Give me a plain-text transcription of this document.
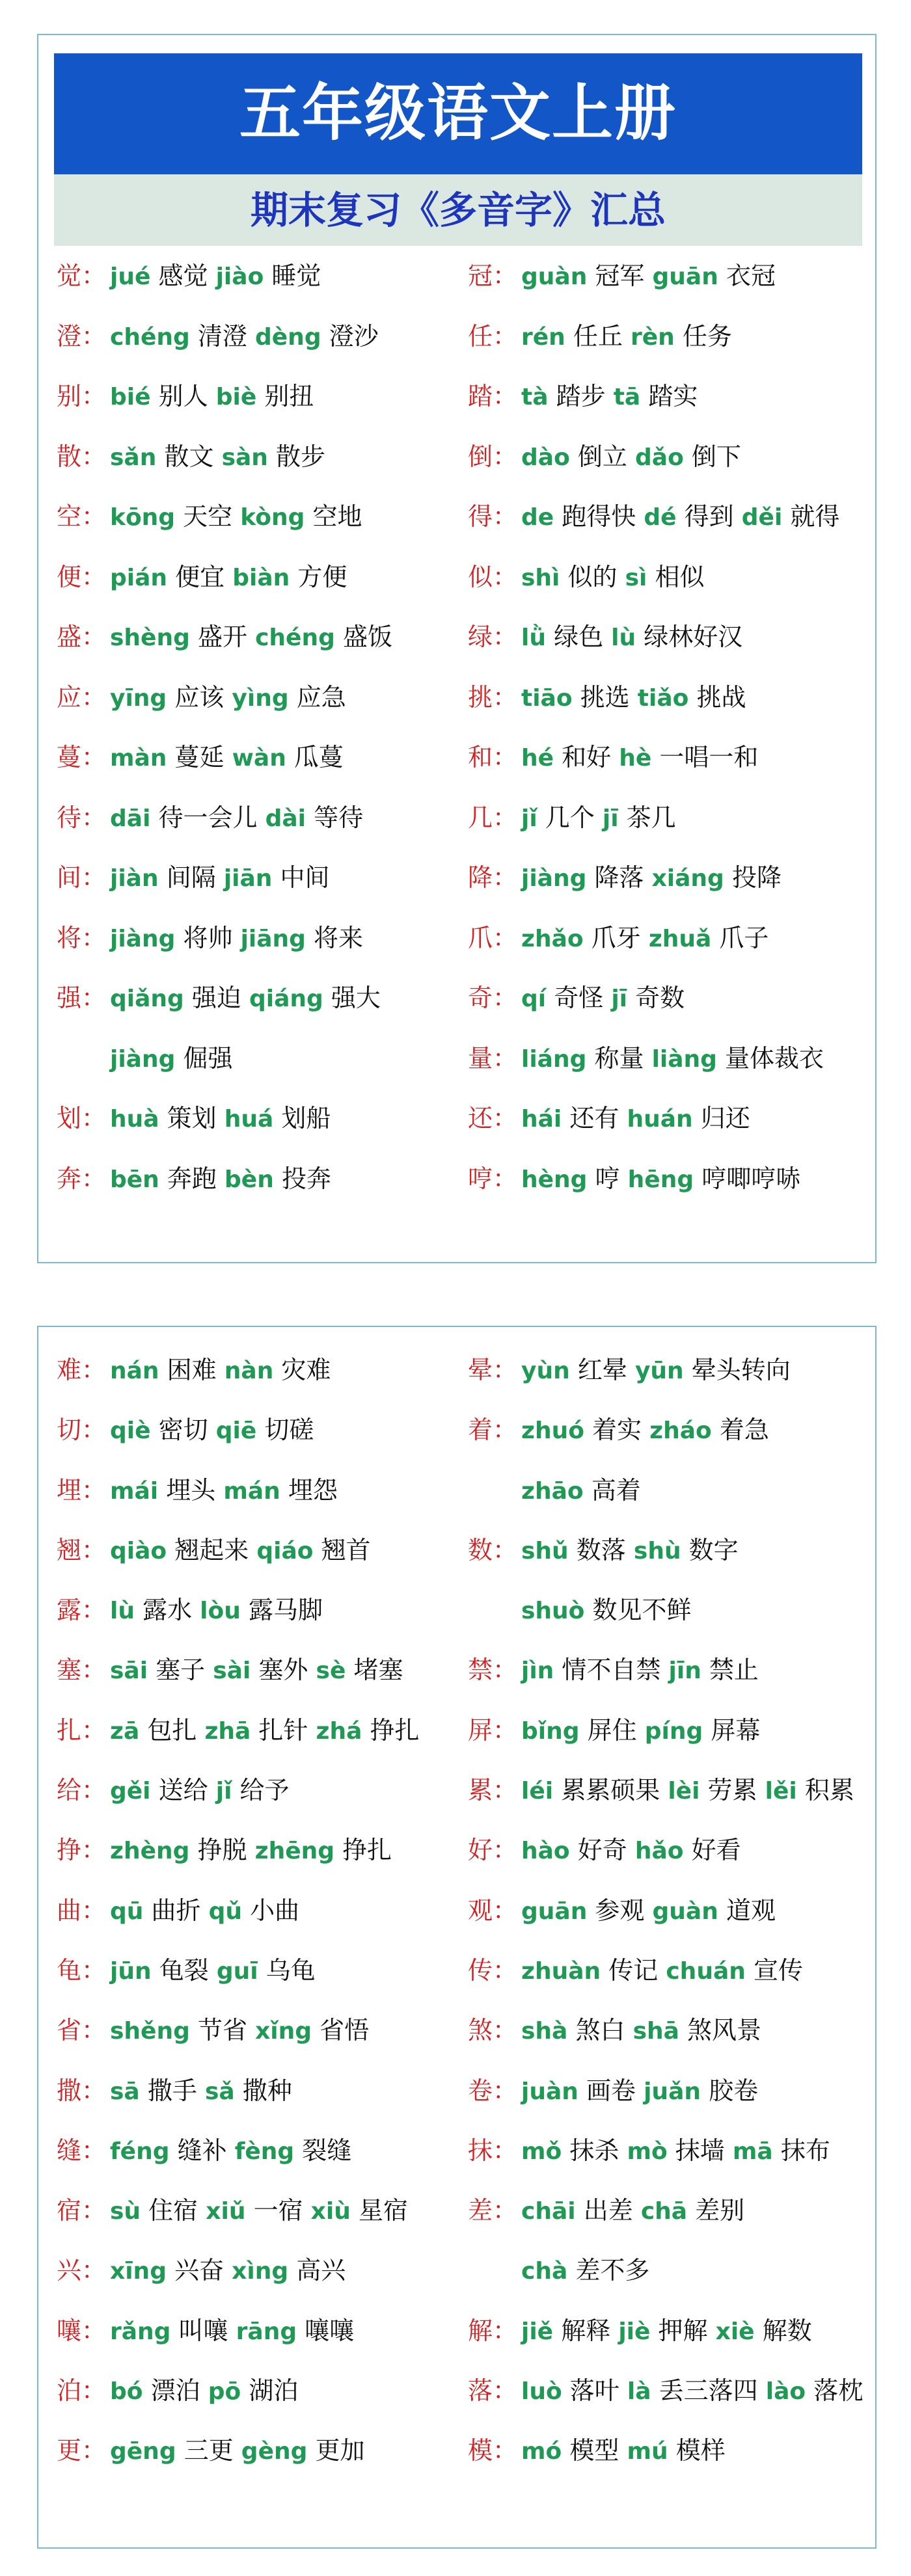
五年级语文上册
期末复习《多音字》汇总
觉： jué 感觉 jiào 睡觉
澄： chéng 清澄 dèng 澄沙
别： bié 别人 biè 别扭
散： sǎn 散文 sàn 散步
空： kōng 天空 kòng 空地
便： pián 便宜 biàn 方便
盛： shèng 盛开 chéng 盛饭
应： yīng 应该 yìng 应急
蔓： màn 蔓延 wàn 瓜蔓
待： dāi 待一会儿 dài 等待
间： jiàn 间隔 jiān 中间
将： jiàng 将帅 jiāng 将来
强： qiǎng 强迫 qiáng 强大
jiàng 倔强
划： huà 策划 huá 划船
奔： bēn 奔跑 bèn 投奔
冠： guàn 冠军 guān 衣冠
任： rén 任丘 rèn 任务
踏： tà 踏步 tā 踏实
倒： dào 倒立 dǎo 倒下
得： de 跑得快 dé 得到 děi 就得
似： shì 似的 sì 相似
绿： lǜ 绿色 lù 绿林好汉
挑： tiāo 挑选 tiǎo 挑战
和： hé 和好 hè 一唱一和
几： jǐ 几个 jī 茶几
降： jiàng 降落 xiáng 投降
爪： zhǎo 爪牙 zhuǎ 爪子
奇： qí 奇怪 jī 奇数
量： liáng 称量 liàng 量体裁衣
还： hái 还有 huán 归还
哼： hèng 哼 hēng 哼唧哼哧
难： nán 困难 nàn 灾难
切： qiè 密切 qiē 切磋
埋： mái 埋头 mán 埋怨
翘： qiào 翘起来 qiáo 翘首
露： lù 露水 lòu 露马脚
塞： sāi 塞子 sài 塞外 sè 堵塞
扎： zā 包扎 zhā 扎针 zhá 挣扎
给： gěi 送给 jǐ 给予
挣： zhèng 挣脱 zhēng 挣扎
曲： qū 曲折 qǔ 小曲
龟： jūn 龟裂 guī 乌龟
省： shěng 节省 xǐng 省悟
撒： sā 撒手 sǎ 撒种
缝： féng 缝补 fèng 裂缝
宿： sù 住宿 xiǔ 一宿 xiù 星宿
兴： xīng 兴奋 xìng 高兴
嚷： rǎng 叫嚷 rāng 嚷嚷
泊： bó 漂泊 pō 湖泊
更： gēng 三更 gèng 更加
晕： yùn 红晕 yūn 晕头转向
着： zhuó 着实 zháo 着急
zhāo 高着
数： shǔ 数落 shù 数字
shuò 数见不鲜
禁： jìn 情不自禁 jīn 禁止
屏： bǐng 屏住 píng 屏幕
累： léi 累累硕果 lèi 劳累 lěi 积累
好： hào 好奇 hǎo 好看
观： guān 参观 guàn 道观
传： zhuàn 传记 chuán 宣传
煞： shà 煞白 shā 煞风景
卷： juàn 画卷 juǎn 胶卷
抹： mǒ 抹杀 mò 抹墙 mā 抹布
差： chāi 出差 chā 差别
chà 差不多
解： jiě 解释 jiè 押解 xiè 解数
落： luò 落叶 là 丢三落四 lào 落枕
模： mó 模型 mú 模样
